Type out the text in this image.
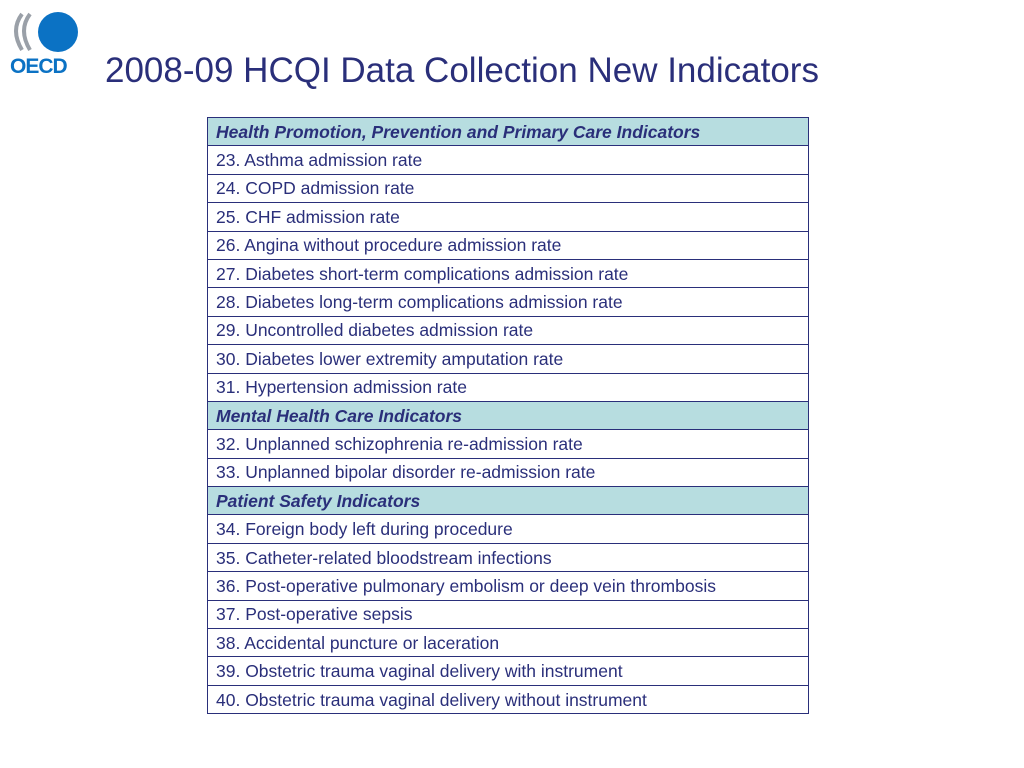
OECD	2008-09 HCQI Data Collection New Indicators
Health Promotion, Prevention and Primary Care Indicators
23. Asthma admission rate
24. COPD admission rate
25. CHF admission rate
26. Angina without procedure admission rate
27. Diabetes short-term complications admission rate
28. Diabetes long-term complications admission rate
29. Uncontrolled diabetes admission rate
30. Diabetes lower extremity amputation rate
31. Hypertension admission rate
Mental Health Care Indicators
32. Unplanned schizophrenia re-admission rate
33. Unplanned bipolar disorder re-admission rate
Patient Safety Indicators
34. Foreign body left during procedure
35. Catheter-related bloodstream infections
36. Post-operative pulmonary embolism or deep vein thrombosis
37. Post-operative sepsis
38. Accidental puncture or laceration
39. Obstetric trauma vaginal delivery with instrument
40. Obstetric trauma vaginal delivery without instrument
